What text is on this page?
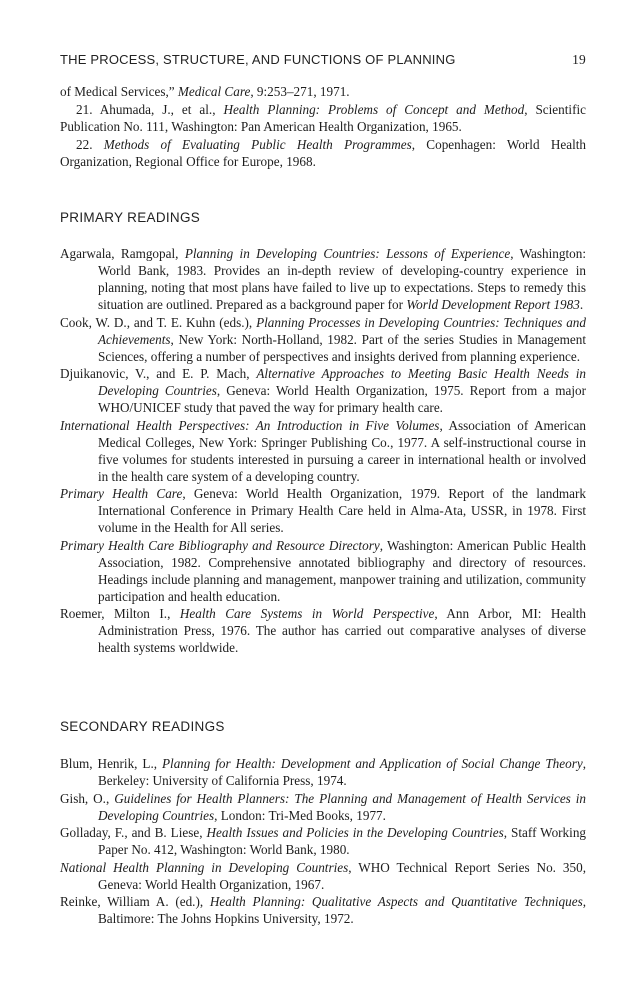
THE PROCESS, STRUCTURE, AND FUNCTIONS OF PLANNING	19

of Medical Services,” Medical Care, 9:253–271, 1971.

21. Ahumada, J., et al., Health Planning: Problems of Concept and Method, Scientific Publication No. 111, Washington: Pan American Health Organization, 1965.

22. Methods of Evaluating Public Health Programmes, Copenhagen: World Health Organization, Regional Office for Europe, 1968.

PRIMARY READINGS

Agarwala, Ramgopal, Planning in Developing Countries: Lessons of Experience, Washington: World Bank, 1983. Provides an in-depth review of developing-country experience in planning, noting that most plans have failed to live up to expectations. Steps to remedy this situation are outlined. Prepared as a background paper for World Development Report 1983.

Cook, W. D., and T. E. Kuhn (eds.), Planning Processes in Developing Countries: Techniques and Achievements, New York: North-Holland, 1982. Part of the series Studies in Management Sciences, offering a number of perspectives and insights derived from planning experience.

Djuikanovic, V., and E. P. Mach, Alternative Approaches to Meeting Basic Health Needs in Developing Countries, Geneva: World Health Organization, 1975. Report from a major WHO/UNICEF study that paved the way for primary health care.

International Health Perspectives: An Introduction in Five Volumes, Association of American Medical Colleges, New York: Springer Publishing Co., 1977. A self-instructional course in five volumes for students interested in pursuing a career in international health or involved in the health care system of a developing country.

Primary Health Care, Geneva: World Health Organization, 1979. Report of the landmark International Conference in Primary Health Care held in Alma-Ata, USSR, in 1978. First volume in the Health for All series.

Primary Health Care Bibliography and Resource Directory, Washington: American Public Health Association, 1982. Comprehensive annotated bibliography and directory of resources. Headings include planning and management, manpower training and utilization, community participation and health education.

Roemer, Milton I., Health Care Systems in World Perspective, Ann Arbor, MI: Health Administration Press, 1976. The author has carried out comparative analyses of diverse health systems worldwide.

SECONDARY READINGS

Blum, Henrik, L., Planning for Health: Development and Application of Social Change Theory, Berkeley: University of California Press, 1974.

Gish, O., Guidelines for Health Planners: The Planning and Management of Health Services in Developing Countries, London: Tri-Med Books, 1977.

Golladay, F., and B. Liese, Health Issues and Policies in the Developing Countries, Staff Working Paper No. 412, Washington: World Bank, 1980.

National Health Planning in Developing Countries, WHO Technical Report Series No. 350, Geneva: World Health Organization, 1967.

Reinke, William A. (ed.), Health Planning: Qualitative Aspects and Quantitative Techniques, Baltimore: The Johns Hopkins University, 1972.
